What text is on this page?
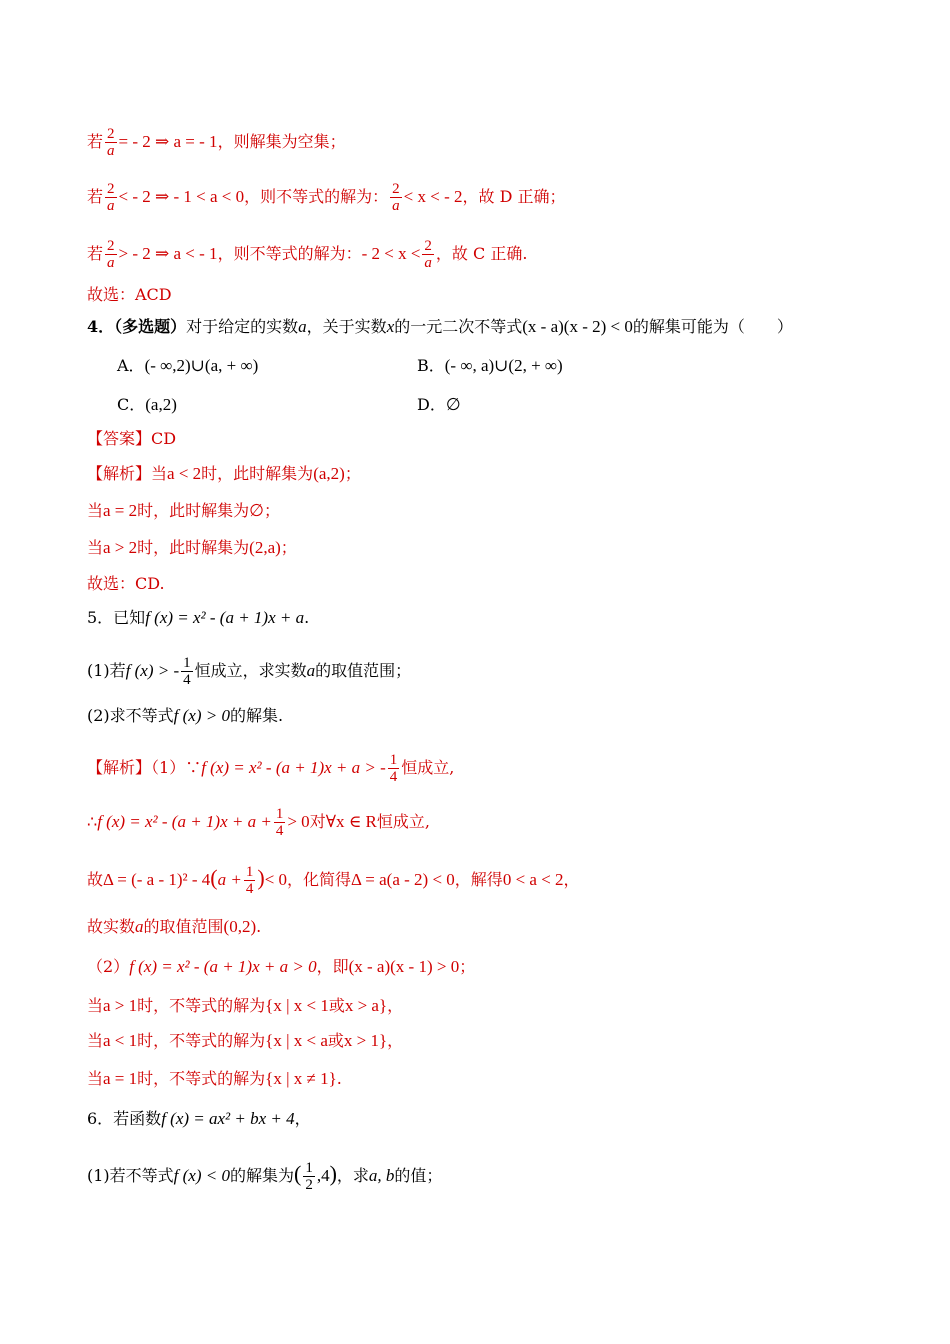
若 $\frac{2}{a}$ = - 2 ⇒ a = - 1，则解集为空集；
若 $\frac{2}{a}$ < - 2 ⇒ - 1 < a < 0，则不等式的解为： $\frac{2}{a} < x$ < - 2，故 D 正确；
若 $\frac{2}{a}$ > - 2 ⇒ a < - 1，则不等式的解为：- $2 < x < \frac{2}{a}$ ，故 C 正确.
故选：ACD
4．（多选题）对于给定的实数a，关于实数x的一元二次不等式(x - a)(x - 2) < 0的解集可能为（　　）
A．(- ∞,2)∪(a, + ∞)	B．(- ∞, a)∪(2, + ∞)
C．(a,2)	D．∅
【答案】CD
【解析】当a < 2时，此时解集为(a,2)；
当a = 2时，此时解集为∅；
当a > 2时，此时解集为(2,a)；
故选：CD.
5．已知f (x) = x² - (a + 1)x + a.
(1)若f (x) > - $\frac{1}{4}$ 恒成立，求实数a的取值范围；
(2)求不等式f (x) > 0的解集.
【解析】（1）∵f (x) = x² - (a + 1)x + a > - $\frac{1}{4}$ 恒成立,
∴f $(x) = x^2 - (a + 1)x + a + \frac{1}{4} > 0$对∀x ∈ R恒成立,
故Δ = (- $a - 1)^2 - 4(a + \frac{1}{4}$ )< 0，化简得Δ = a(a - 2) < 0，解得0 < a < 2，
故实数a的取值范围(0,2).
（2）f (x) = x² - (a + 1)x + a > 0，即(x - a)(x - 1) > 0；
当a > 1时，不等式的解为{x | x < 1或x > a}，
当a < 1时，不等式的解为{x | x < a或x > 1}，
当a = 1时，不等式的解为{x | x ≠ 1}.
6．若函数f (x) = ax² + bx + 4，
(1)若不等式f (x) < 0的解集为( $\frac{1}{2} ,4$)，求a, b的值；
